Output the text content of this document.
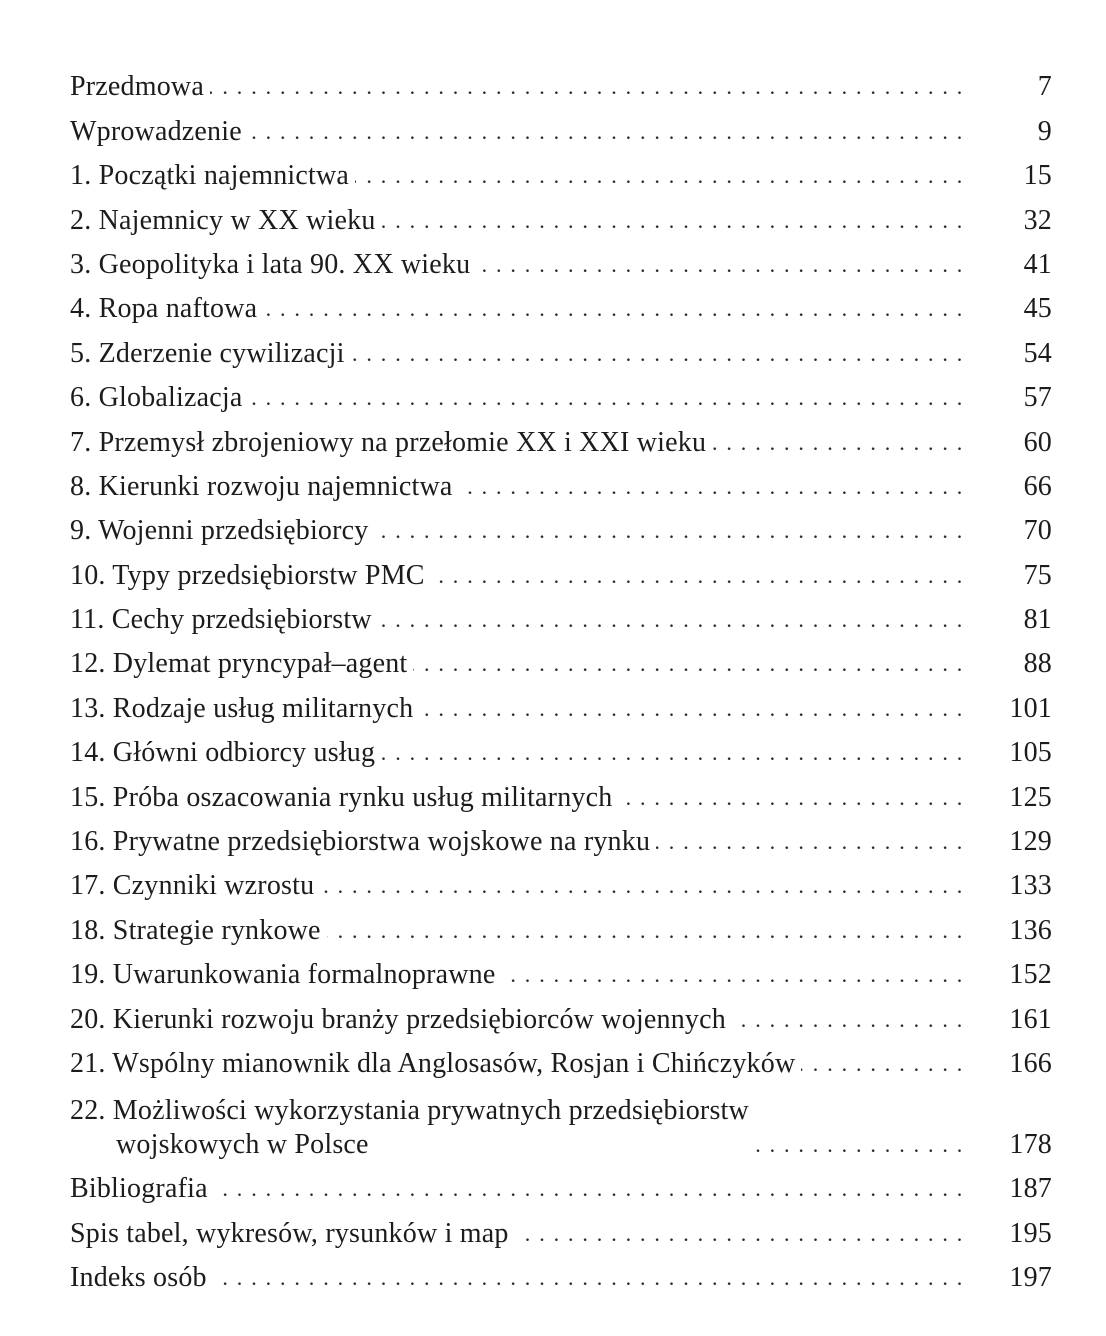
Przedmowa . . .	7
Wprowadzenie . . .	9
1. Początki najemnictwa . . .	15
2. Najemnicy w XX wieku . . .	32
3. Geopolityka i lata 90. XX wieku . . .	41
4. Ropa naftowa . . .	45
5. Zderzenie cywilizacji . . .	54
6. Globalizacja . . .	57
7. Przemysł zbrojeniowy na przełomie XX i XXI wieku . . .	60
8. Kierunki rozwoju najemnictwa . . .	66
9. Wojenni przedsiębiorcy . . .	70
10. Typy przedsiębiorstw PMC . . .	75
11. Cechy przedsiębiorstw . . .	81
12. Dylemat pryncypał–agent . . .	88
13. Rodzaje usług militarnych . . .	101
14. Główni odbiorcy usług . . .	105
15. Próba oszacowania rynku usług militarnych . . .	125
16. Prywatne przedsiębiorstwa wojskowe na rynku . . .	129
17. Czynniki wzrostu . . .	133
18. Strategie rynkowe . . .	136
19. Uwarunkowania formalnoprawne . . .	152
20. Kierunki rozwoju branży przedsiębiorców wojennych . . .	161
21. Wspólny mianownik dla Anglosasów, Rosjan i Chińczyków . . .	166
22. Możliwości wykorzystania prywatnych przedsiębiorstw
wojskowych w Polsce . . .	178
Bibliografia . . .	187
Spis tabel, wykresów, rysunków i map . . .	195
Indeks osób . . .	197
